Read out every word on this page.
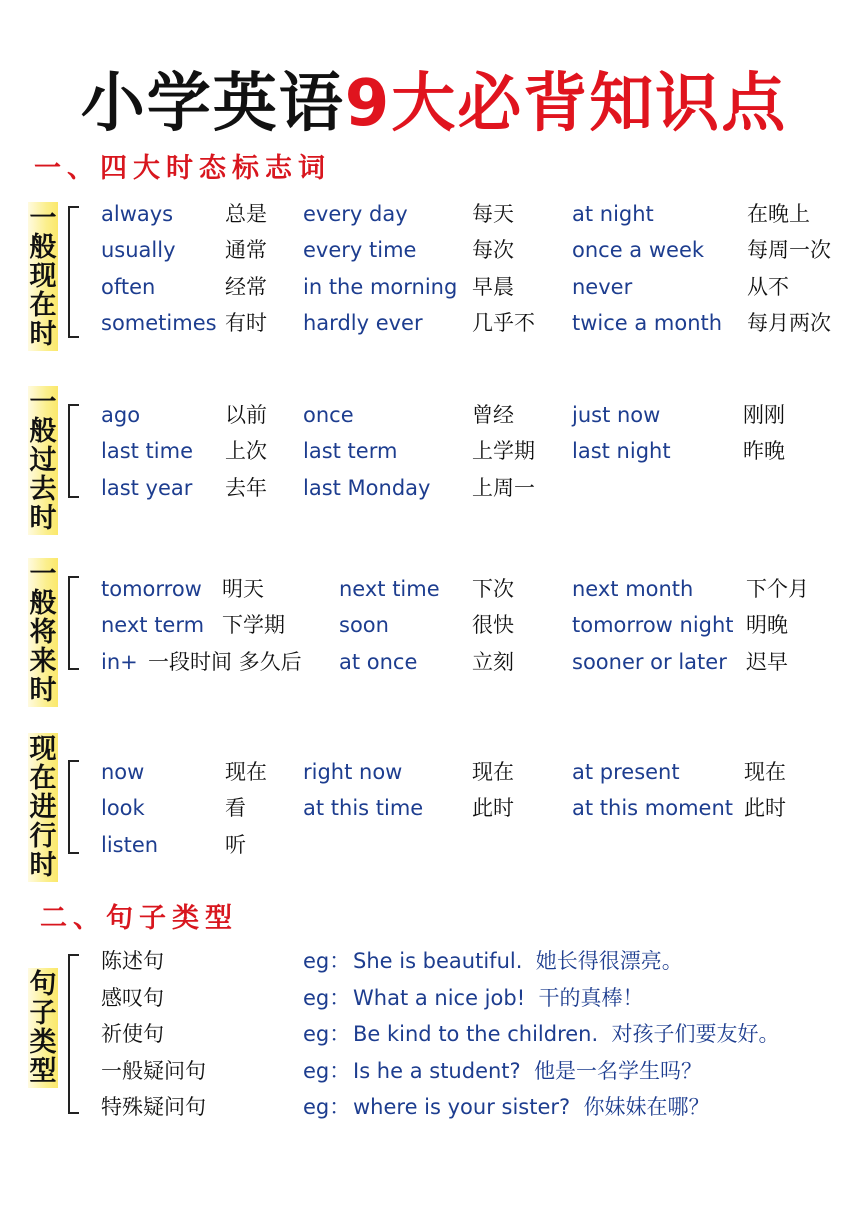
小学英语9大必背知识点
一、四大时态标志词
一
般
现
在
时
always 总是 every day	每天	at night	在晚上
usually 通常 every time	每次	once a week 每周一次
often	经常 in the morning 早晨	never	从不
sometimes 有时 hardly ever 几乎不 twice a month 每月两次
一
般
过
去
时
ago	以前 once	曾经	just now	刚刚
last time 上次 last term	上学期 last night	昨晚
last year 去年 last Monday 上周一
一
般
将
来
时
tomorrow 明天	next time 下次	next month	下个月
next term 下学期	soon	很快	tomorrow night 明晚
in+ 一段时间 多久后 at once	立刻	sooner or later 迟早
现
在
进
行
时
now	现在 right now	现在	at present	现在
look	看	at this time 此时	at this moment 此时
listen	听
二、句子类型
句
子
类
型
陈述句	eg： She is beautiful. 她长得很漂亮。
感叹句	eg： What a nice job! 干的真棒！
祈使句	eg： Be kind to the children. 对孩子们要友好。
一般疑问句	eg： Is he a student? 他是一名学生吗？
特殊疑问句	eg： where is your sister? 你妹妹在哪？
